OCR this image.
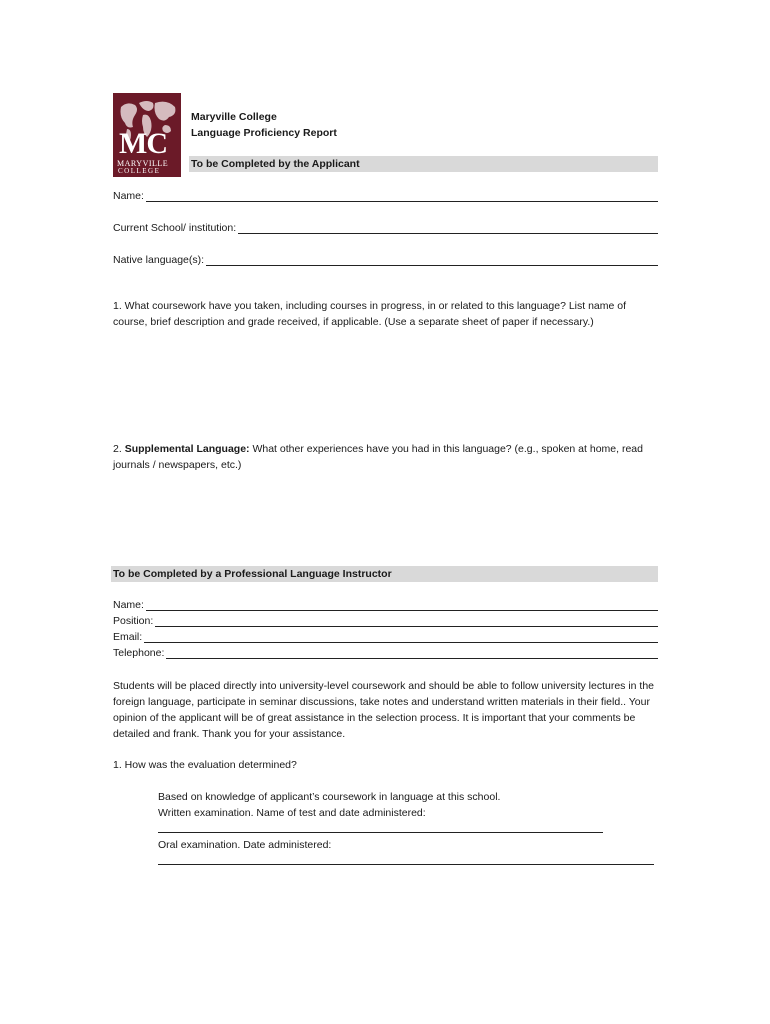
MC
MARYVILLE
COLLEGE
Maryville College
Language Proficiency Report
To be Completed by the Applicant
Name:
Current School/ institution:
Native language(s):
1. What coursework have you taken, including courses in progress, in or related to this language? List name of course, brief description and grade received, if applicable. (Use a separate sheet of paper if necessary.)
2. Supplemental Language: What other experiences have you had in this language? (e.g., spoken at home, read journals / newspapers, etc.)
To be Completed by a Professional Language Instructor
Name:
Position:
Email:
Telephone:
Students will be placed directly into university-level coursework and should be able to follow university lectures in the foreign language, participate in seminar discussions, take notes and understand written materials in their field.. Your opinion of the applicant will be of great assistance in the selection process. It is important that your comments be detailed and frank. Thank you for your assistance.
1. How was the evaluation determined?
Based on knowledge of applicant’s coursework in language at this school.
Written examination. Name of test and date administered:
Oral examination. Date administered:
